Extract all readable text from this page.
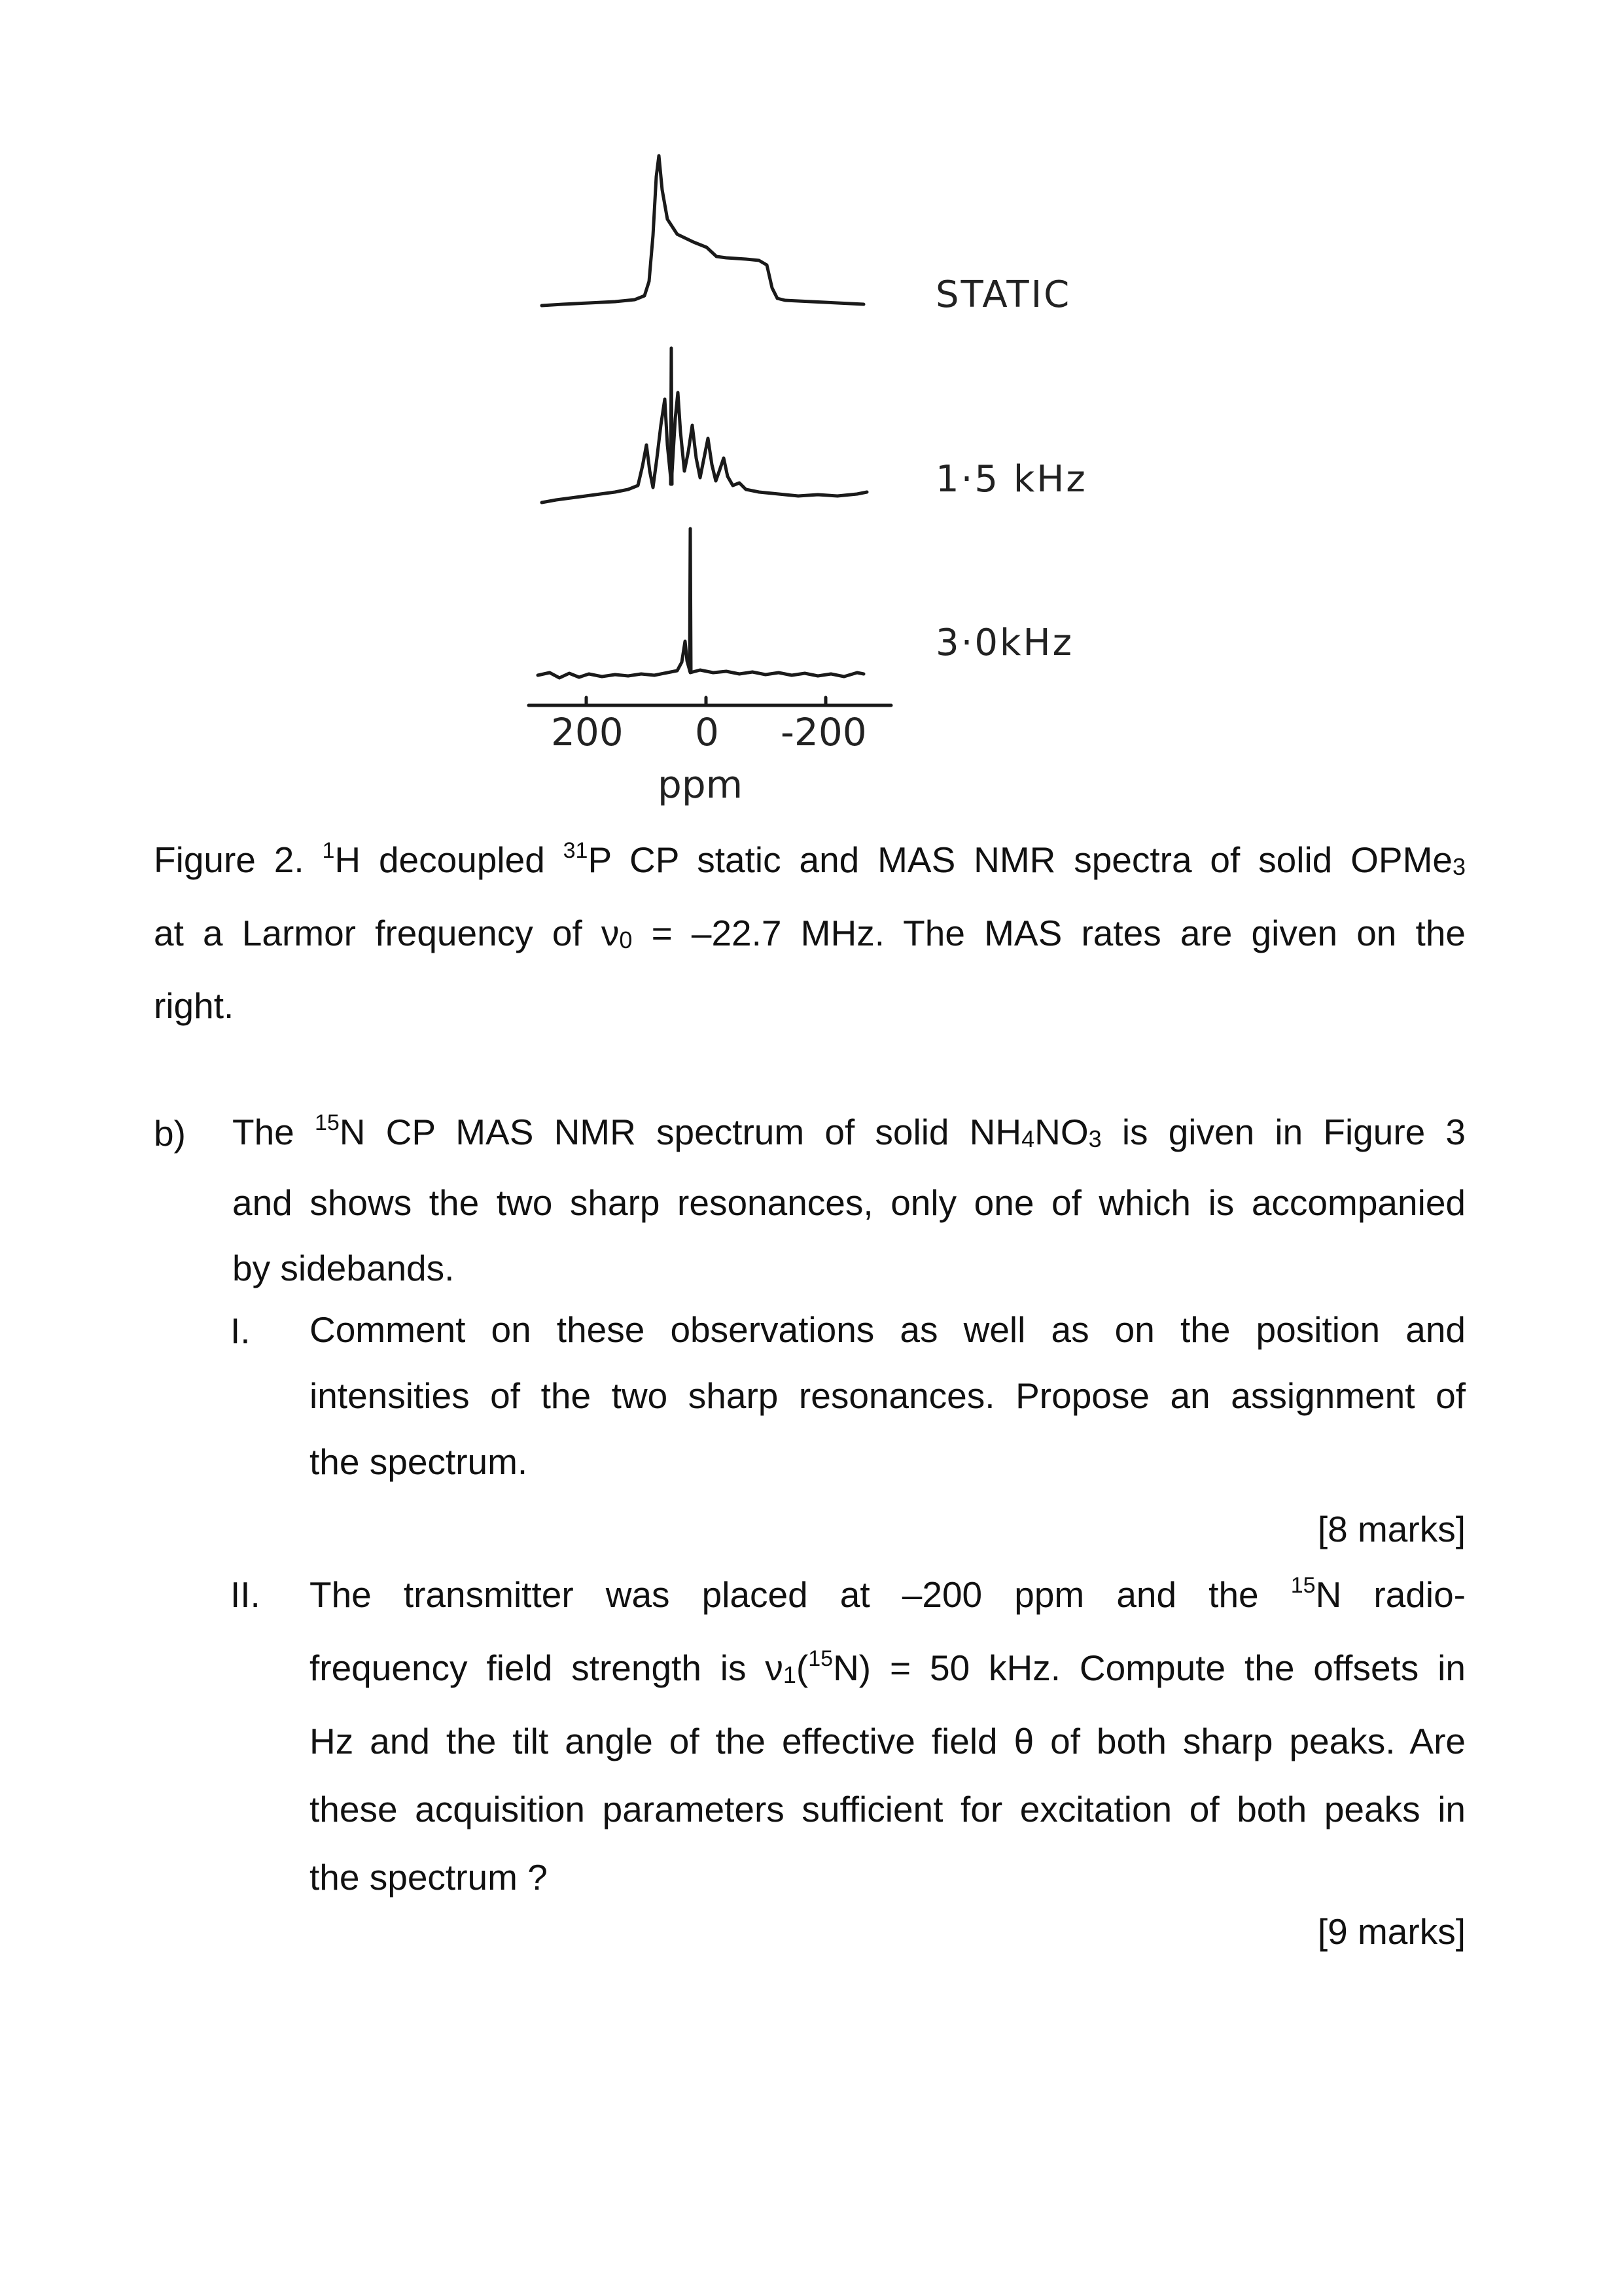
STATIC
1·5 kHz
3·0kHz
200 0 -200
ppm
Figure 2. $^1$H decoupled $^{31}$P CP static and MAS NMR spectra of solid OPMe$_3$
at a Larmor frequency of $\nu_0 = -22.7$ MHz. The MAS rates are given on the
right.
b) The $^{15}$N CP MAS NMR spectrum of solid $NH_4NO_3$ is given in Figure 3
and shows the two sharp resonances, only one of which is accompanied
by sidebands.
I. Comment on these observations as well as on the position and
intensities of the two sharp resonances. Propose an assignment of
the spectrum.
[8 marks]
II. The transmitter was placed at –200 ppm and the $^{15}$N radio-
frequency field strength is $\nu_1(^{15}N) = 50$ kHz. Compute the offsets in
Hz and the tilt angle of the effective field θ of both sharp peaks. Are
these acquisition parameters sufficient for excitation of both peaks in
the spectrum ?
[9 marks]
